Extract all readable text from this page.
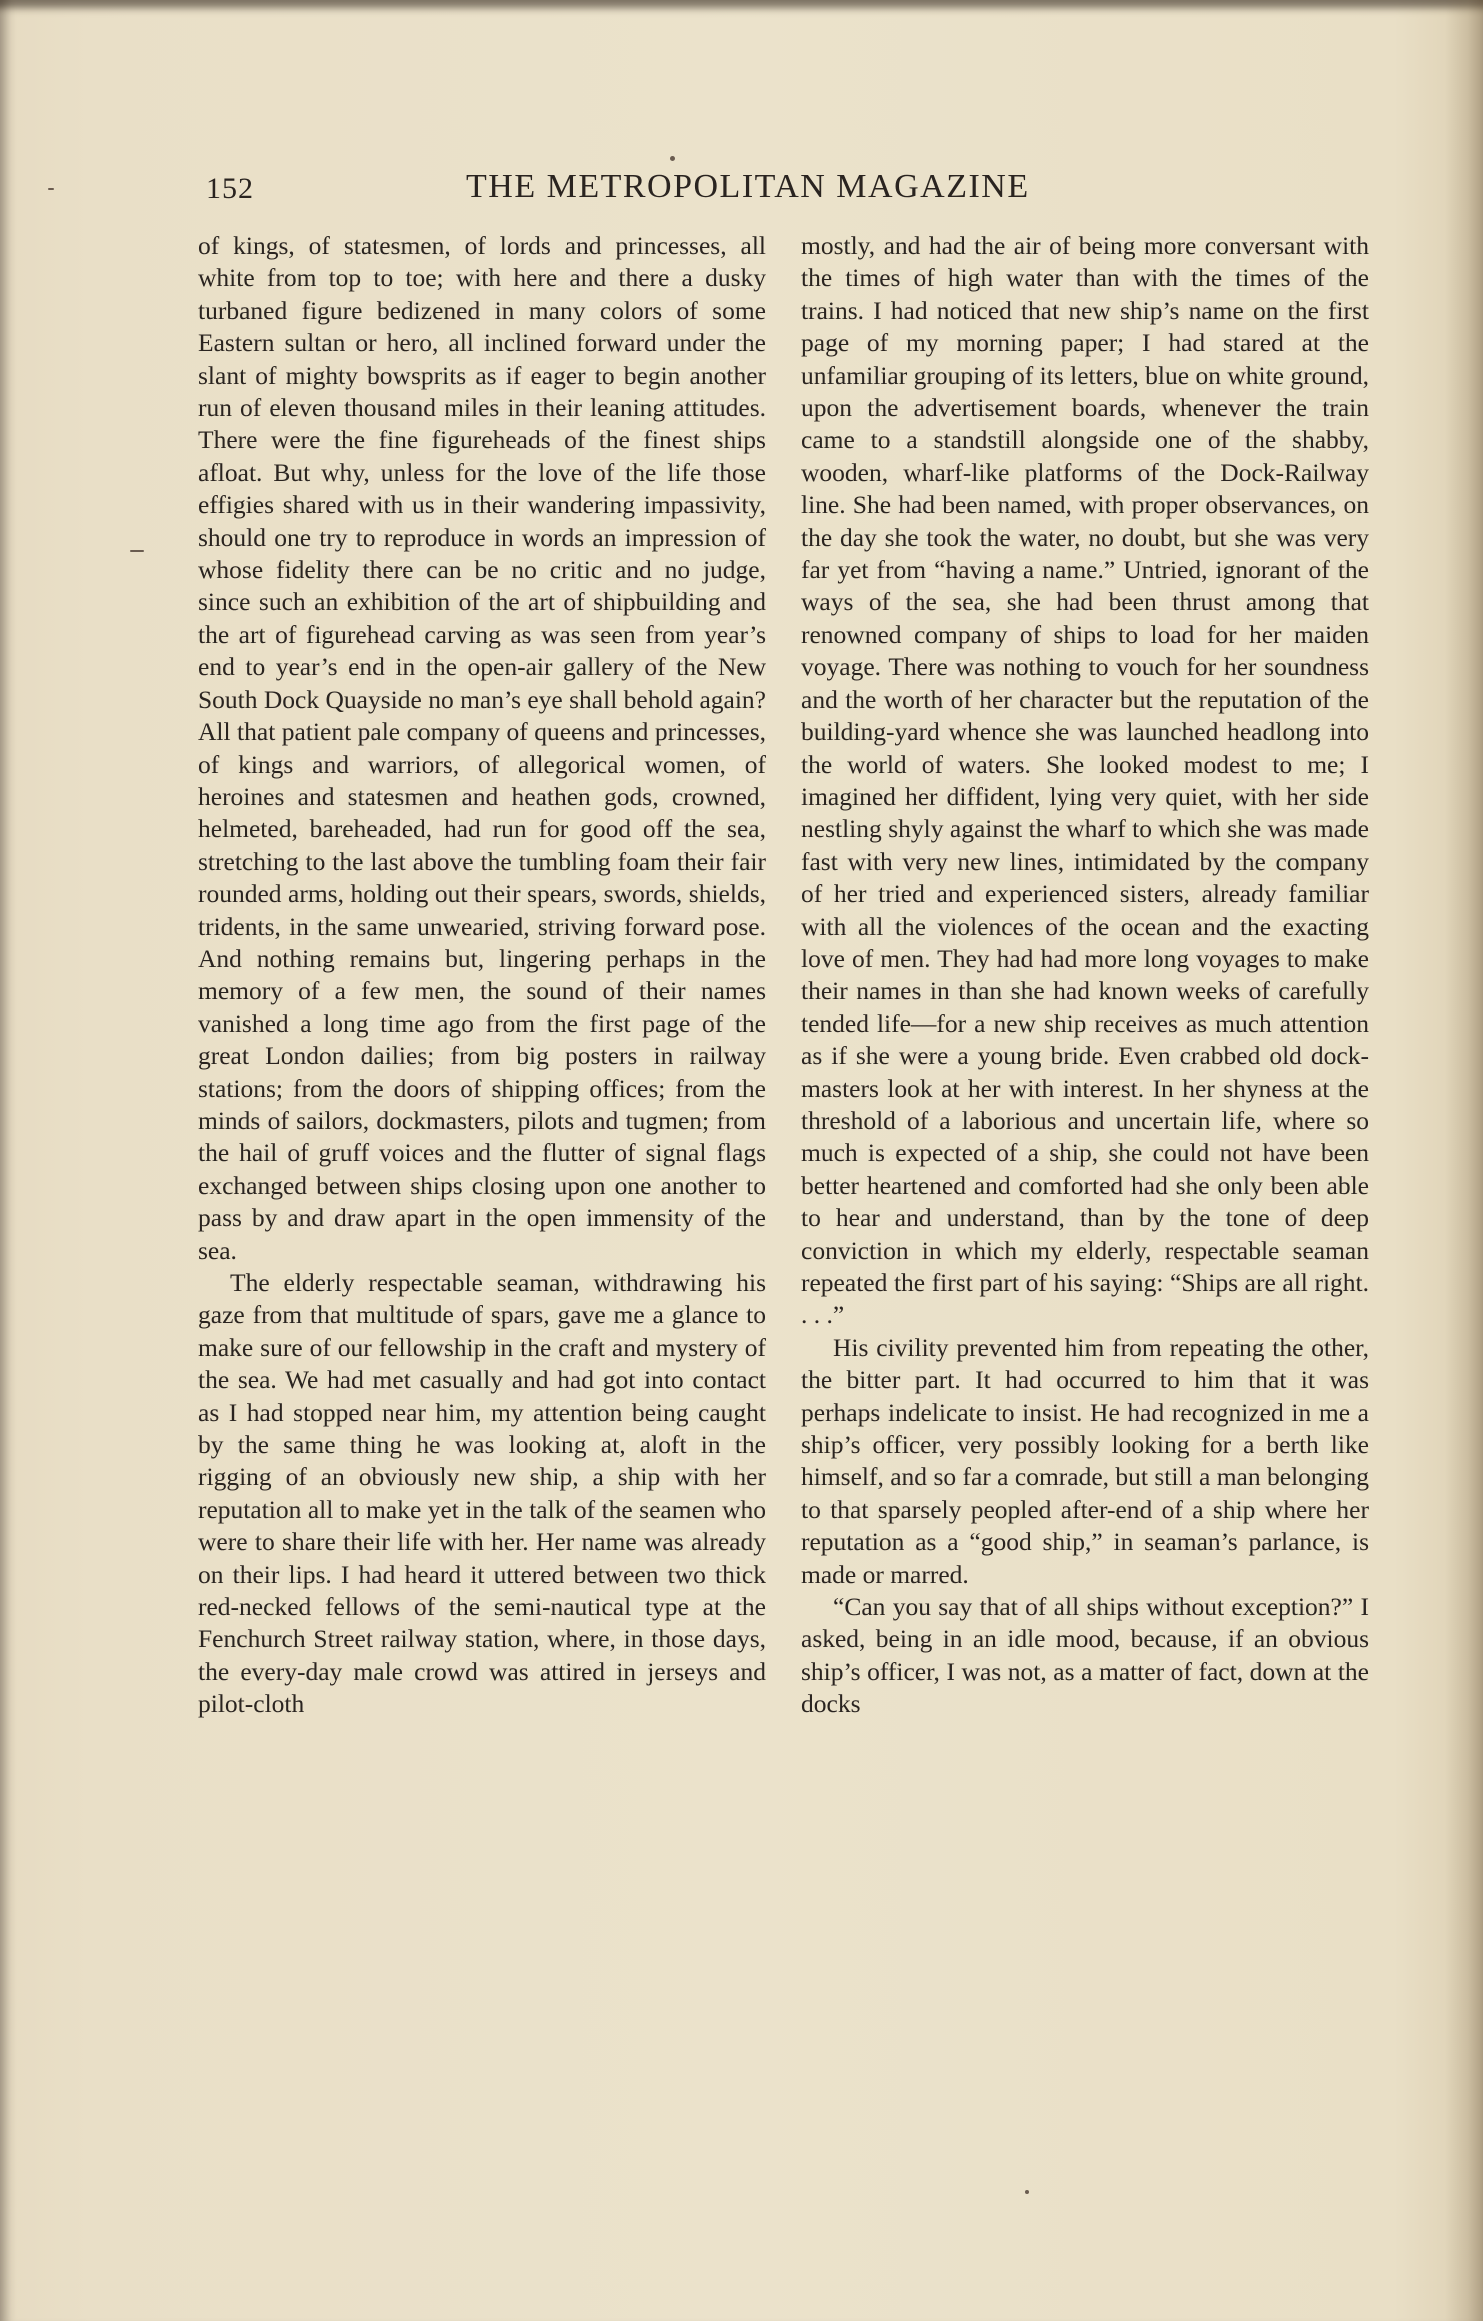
152	THE METROPOLITAN MAGAZINE

of kings, of statesmen, of lords and princesses, all white from top to toe; with here and there a dusky turbaned figure bedizened in many colors of some Eastern sultan or hero, all inclined forward under the slant of mighty bowsprits as if eager to begin another run of eleven thousand miles in their leaning attitudes. There were the fine figureheads of the finest ships afloat. But why, unless for the love of the life those effigies shared with us in their wandering impassivity, should one try to reproduce in words an impression of whose fidelity there can be no critic and no judge, since such an exhibition of the art of shipbuilding and the art of figurehead carving as was seen from year’s end to year’s end in the open-air gallery of the New South Dock Quayside no man’s eye shall behold again? All that patient pale company of queens and princesses, of kings and warriors, of allegorical women, of heroines and statesmen and heathen gods, crowned, helmeted, bareheaded, had run for good off the sea, stretching to the last above the tumbling foam their fair rounded arms, holding out their spears, swords, shields, tridents, in the same unwearied, striving forward pose. And nothing remains but, lingering perhaps in the memory of a few men, the sound of their names vanished a long time ago from the first page of the great London dailies; from big posters in railway stations; from the doors of shipping offices; from the minds of sailors, dockmasters, pilots and tugmen; from the hail of gruff voices and the flutter of signal flags exchanged between ships closing upon one another to pass by and draw apart in the open immensity of the sea.

The elderly respectable seaman, withdrawing his gaze from that multitude of spars, gave me a glance to make sure of our fellowship in the craft and mystery of the sea. We had met casually and had got into contact as I had stopped near him, my attention being caught by the same thing he was looking at, aloft in the rigging of an obviously new ship, a ship with her reputation all to make yet in the talk of the seamen who were to share their life with her. Her name was already on their lips. I had heard it uttered between two thick red-necked fellows of the semi-nautical type at the Fenchurch Street railway station, where, in those days, the every-day male crowd was attired in jerseys and pilot-cloth

mostly, and had the air of being more conversant with the times of high water than with the times of the trains. I had noticed that new ship’s name on the first page of my morning paper; I had stared at the unfamiliar grouping of its letters, blue on white ground, upon the advertisement boards, whenever the train came to a standstill alongside one of the shabby, wooden, wharf-like platforms of the Dock-Railway line. She had been named, with proper observances, on the day she took the water, no doubt, but she was very far yet from “having a name.” Untried, ignorant of the ways of the sea, she had been thrust among that renowned company of ships to load for her maiden voyage. There was nothing to vouch for her soundness and the worth of her character but the reputation of the building-yard whence she was launched headlong into the world of waters. She looked modest to me; I imagined her diffident, lying very quiet, with her side nestling shyly against the wharf to which she was made fast with very new lines, intimidated by the company of her tried and experienced sisters, already familiar with all the violences of the ocean and the exacting love of men. They had had more long voyages to make their names in than she had known weeks of carefully tended life—for a new ship receives as much attention as if she were a young bride. Even crabbed old dock-masters look at her with interest. In her shyness at the threshold of a laborious and uncertain life, where so much is expected of a ship, she could not have been better heartened and comforted had she only been able to hear and understand, than by the tone of deep conviction in which my elderly, respectable seaman repeated the first part of his saying: “Ships are all right. . . .”

His civility prevented him from repeating the other, the bitter part. It had occurred to him that it was perhaps indelicate to insist. He had recognized in me a ship’s officer, very possibly looking for a berth like himself, and so far a comrade, but still a man belonging to that sparsely peopled after-end of a ship where her reputation as a “good ship,” in seaman’s parlance, is made or marred.

“Can you say that of all ships without exception?” I asked, being in an idle mood, because, if an obvious ship’s officer, I was not, as a matter of fact, down at the docks
